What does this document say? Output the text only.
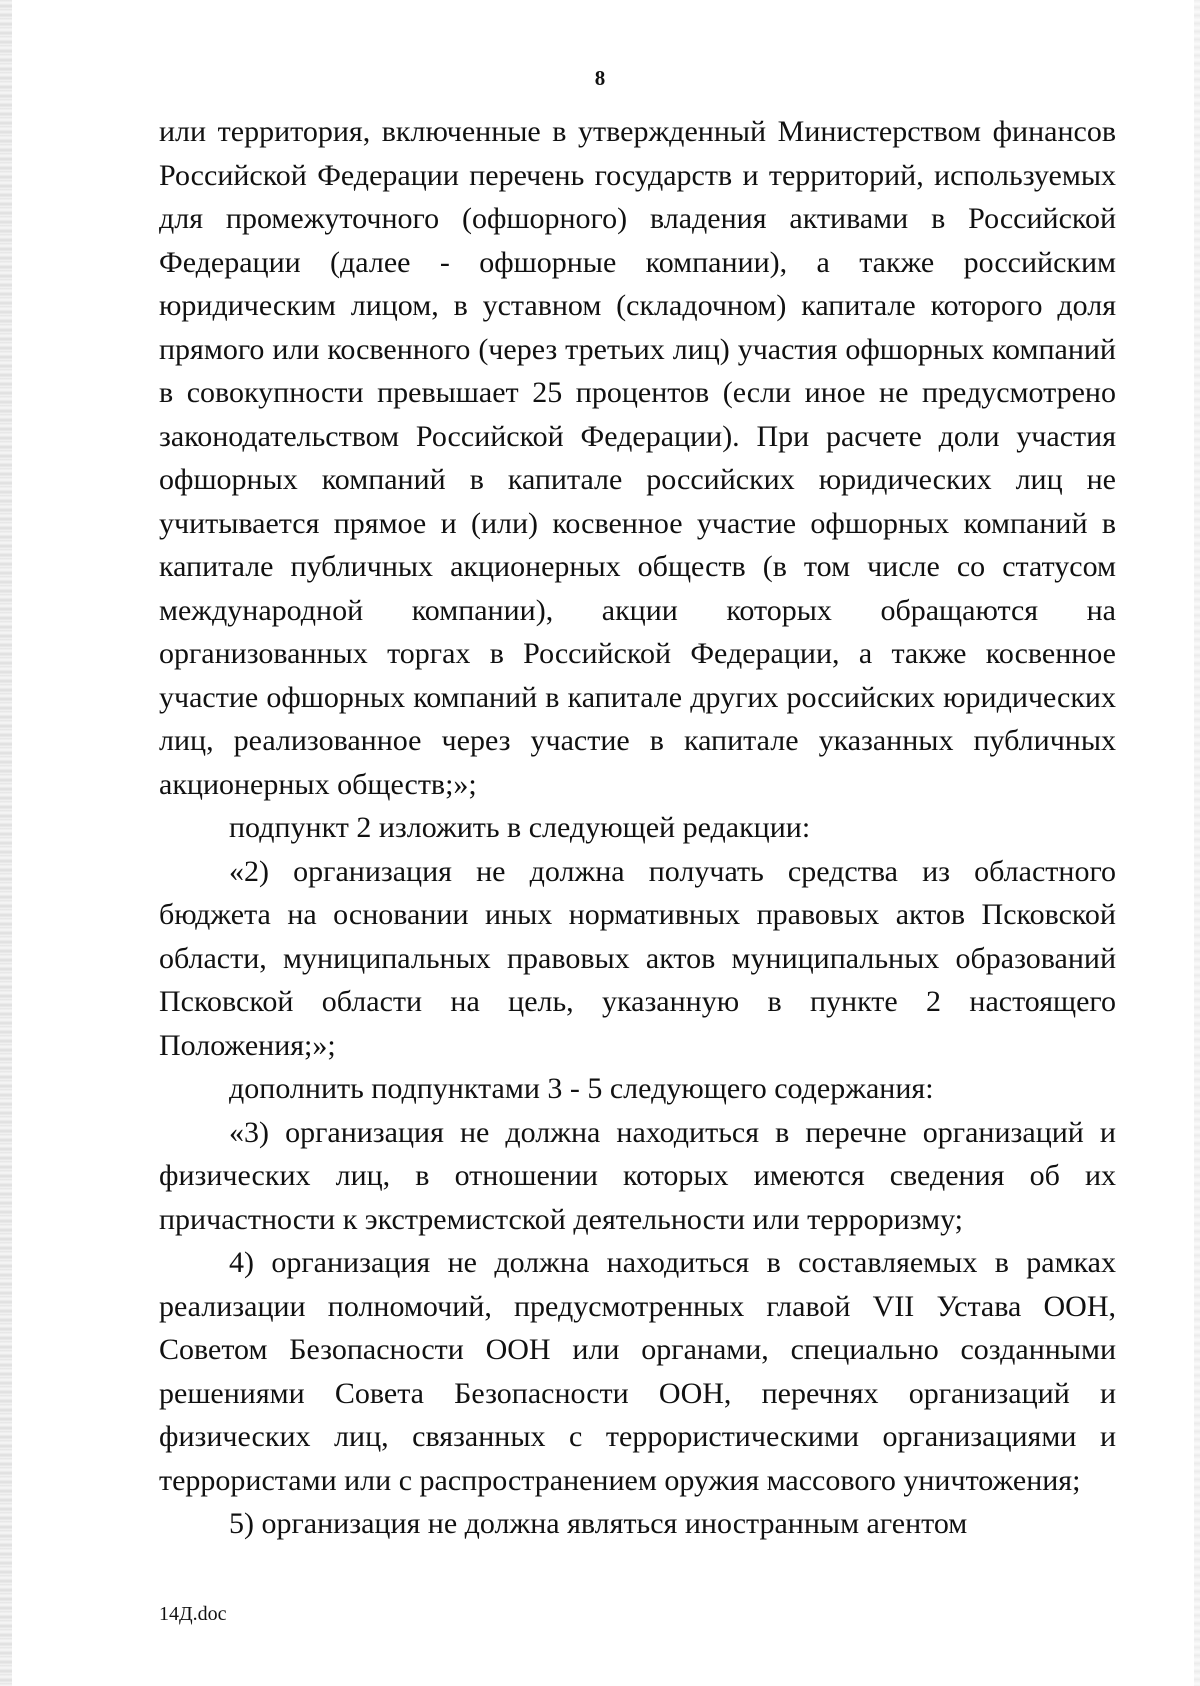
8

или территория, включенные в утвержденный Министерством финансов Российской Федерации перечень государств и территорий, используемых для промежуточного (офшорного) владения активами в Российской Федерации (далее - офшорные компании), а также российским юридическим лицом, в уставном (складочном) капитале которого доля прямого или косвенного (через третьих лиц) участия офшорных компаний в совокупности превышает 25 процентов (если иное не предусмотрено законодательством Российской Федерации). При расчете доли участия офшорных компаний в капитале российских юридических лиц не учитывается прямое и (или) косвенное участие офшорных компаний в капитале публичных акционерных обществ (в том числе со статусом международной компании), акции которых обращаются на организованных торгах в Российской Федерации, а также косвенное участие офшорных компаний в капитале других российских юридических лиц, реализованное через участие в капитале указанных публичных акционерных обществ;»;

подпункт 2 изложить в следующей редакции:

«2) организация не должна получать средства из областного бюджета на основании иных нормативных правовых актов Псковской области, муниципальных правовых актов муниципальных образований Псковской области на цель, указанную в пункте 2 настоящего Положения;»;

дополнить подпунктами 3 - 5 следующего содержания:

«3) организация не должна находиться в перечне организаций и физических лиц, в отношении которых имеются сведения об их причастности к экстремистской деятельности или терроризму;

4) организация не должна находиться в составляемых в рамках реализации полномочий, предусмотренных главой VII Устава ООН, Советом Безопасности ООН или органами, специально созданными решениями Совета Безопасности ООН, перечнях организаций и физических лиц, связанных с террористическими организациями и террористами или с распространением оружия массового уничтожения;

5) организация не должна являться иностранным агентом

14Д.doc
